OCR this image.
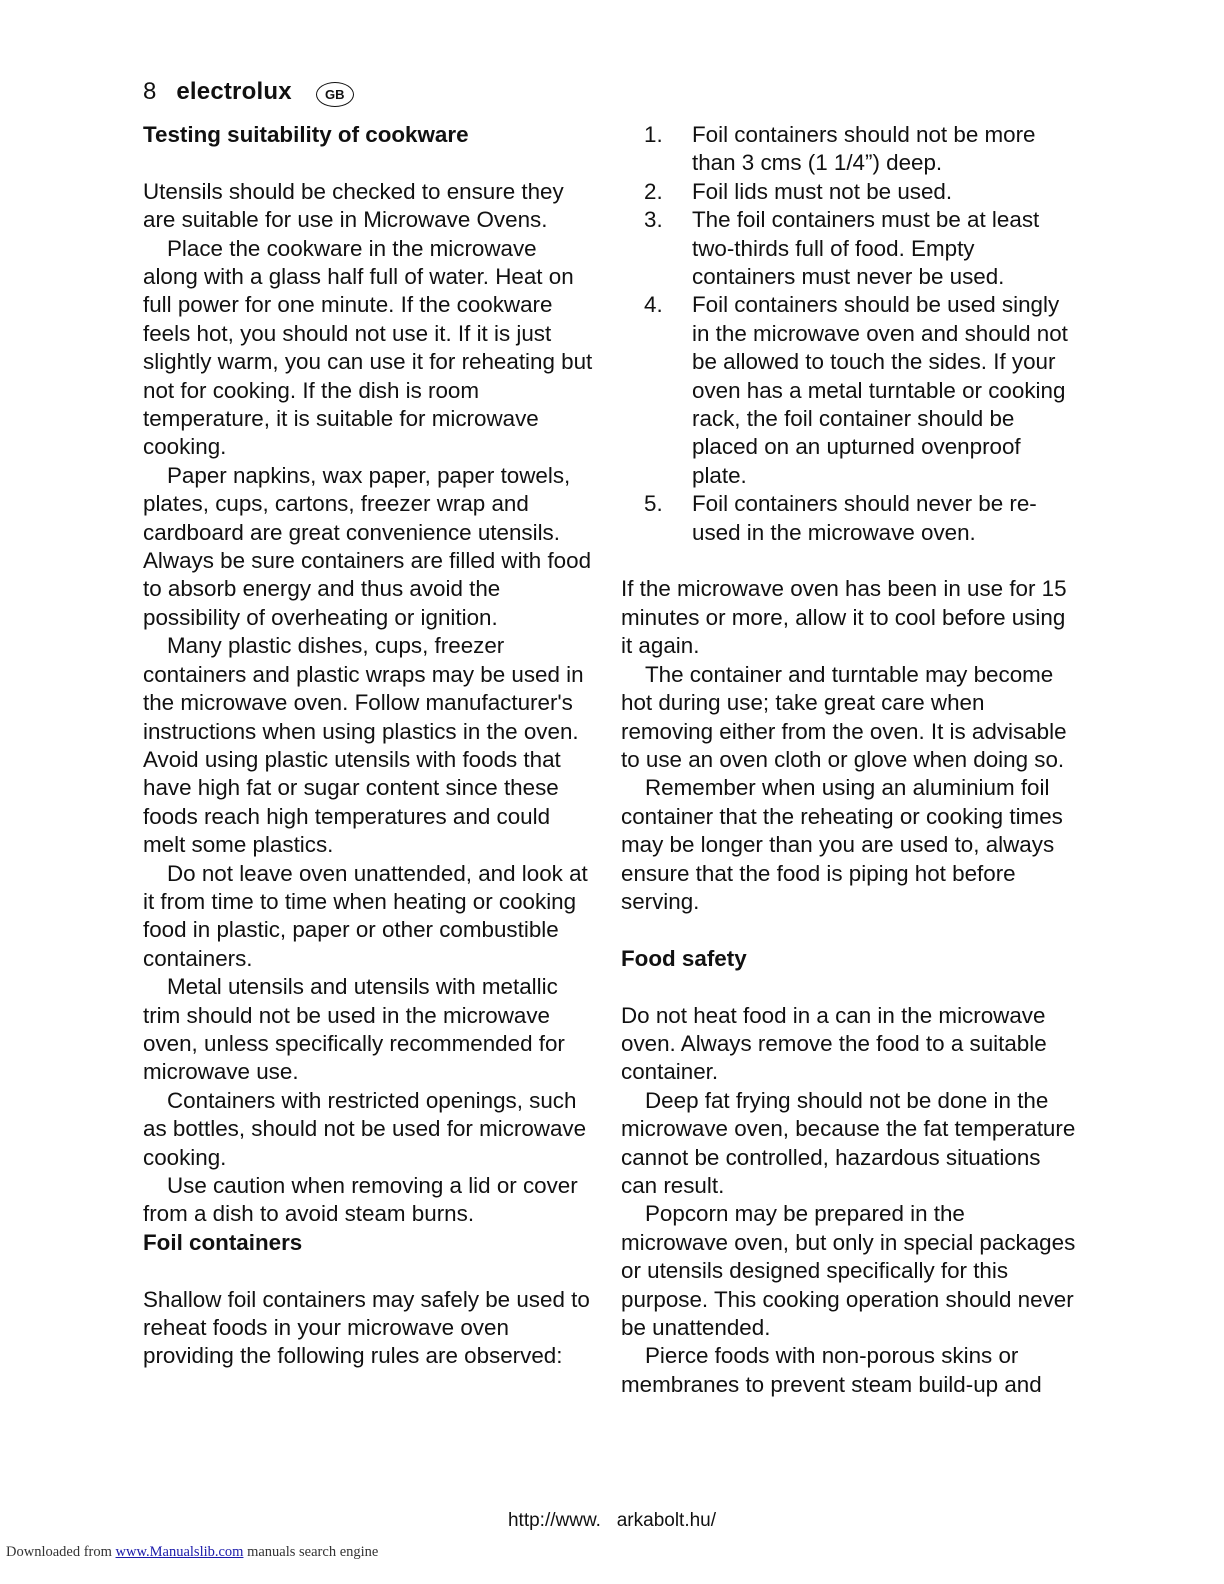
8 electrolux	GB
Testing suitability of cookware

Utensils should be checked to ensure they are suitable for use in Microwave Ovens.

Place the cookware in the microwave along with a glass half full of water. Heat on full power for one minute. If the cookware feels hot, you should not use it. If it is just slightly warm, you can use it for reheating but not for cooking. If the dish is room temperature, it is suitable for microwave cooking.

Paper napkins, wax paper, paper towels, plates, cups, cartons, freezer wrap and cardboard are great convenience utensils. Always be sure containers are filled with food to absorb energy and thus avoid the possibility of overheating or ignition.

Many plastic dishes, cups, freezer containers and plastic wraps may be used in the microwave oven. Follow manufacturer's instructions when using plastics in the oven. Avoid using plastic utensils with foods that have high fat or sugar content since these foods reach high temperatures and could melt some plastics.

Do not leave oven unattended, and look at it from time to time when heating or cooking food in plastic, paper or other combustible containers.

Metal utensils and utensils with metallic trim should not be used in the microwave oven, unless specifically recommended for microwave use.

Containers with restricted openings, such as bottles, should not be used for microwave cooking.

Use caution when removing a lid or cover from a dish to avoid steam burns.

Foil containers

Shallow foil containers may safely be used to reheat foods in your microwave oven providing the following rules are observed:

1. Foil containers should not be more than 3 cms (1 1/4”) deep.
2. Foil lids must not be used.
3. The foil containers must be at least two-thirds full of food. Empty containers must never be used.
4. Foil containers should be used singly in the microwave oven and should not be allowed to touch the sides. If your oven has a metal turntable or cooking rack, the foil container should be placed on an upturned ovenproof plate.
5. Foil containers should never be re-used in the microwave oven.

If the microwave oven has been in use for 15 minutes or more, allow it to cool before using it again.

The container and turntable may become hot during use; take great care when removing either from the oven. It is advisable to use an oven cloth or glove when doing so.

Remember when using an aluminium foil container that the reheating or cooking times may be longer than you are used to, always ensure that the food is piping hot before serving.

Food safety

Do not heat food in a can in the microwave oven. Always remove the food to a suitable container.

Deep fat frying should not be done in the microwave oven, because the fat temperature cannot be controlled, hazardous situations can result.

Popcorn may be prepared in the microwave oven, but only in special packages or utensils designed specifically for this purpose. This cooking operation should never be unattended.

Pierce foods with non-porous skins or membranes to prevent steam build-up and

http://www.   arkabolt.hu/
Downloaded from www.Manualslib.com manuals search engine
